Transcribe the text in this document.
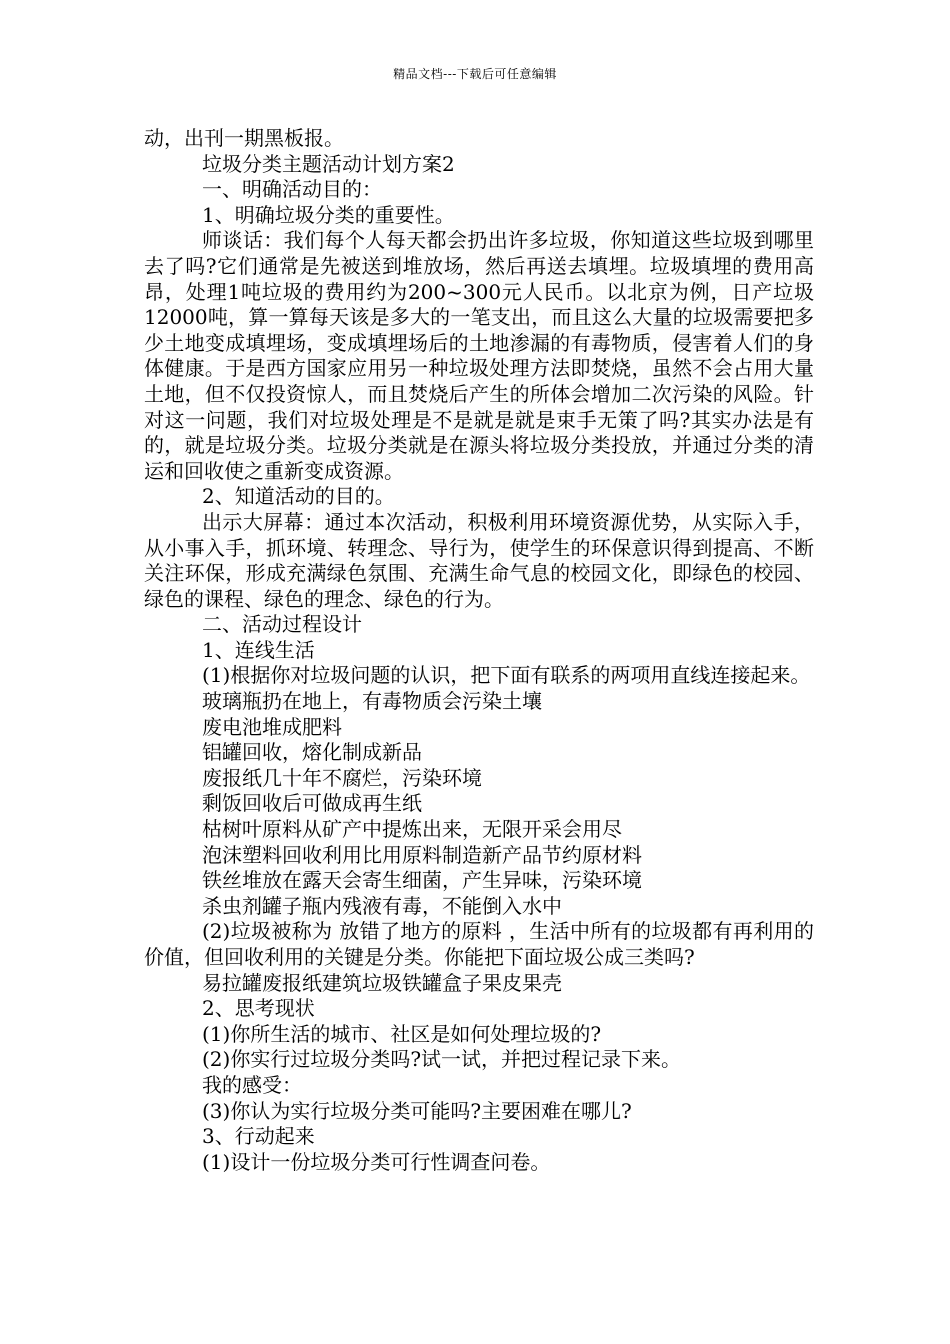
精品文档---下载后可任意编辑

动，出刊一期黑板报。

垃圾分类主题活动计划方案2

一、明确活动目的：

1、明确垃圾分类的重要性。

师谈话：我们每个人每天都会扔出许多垃圾，你知道这些垃圾到哪里去了吗?它们通常是先被送到堆放场，然后再送去填埋。垃圾填埋的费用高昂，处理1吨垃圾的费用约为200~300元人民币。以北京为例，日产垃圾12000吨，算一算每天该是多大的一笔支出，而且这么大量的垃圾需要把多少土地变成填埋场，变成填埋场后的土地渗漏的有毒物质，侵害着人们的身体健康。于是西方国家应用另一种垃圾处理方法即焚烧，虽然不会占用大量土地，但不仅投资惊人，而且焚烧后产生的所体会增加二次污染的风险。针对这一问题，我们对垃圾处理是不是就是就是束手无策了吗?其实办法是有的，就是垃圾分类。垃圾分类就是在源头将垃圾分类投放，并通过分类的清运和回收使之重新变成资源。

2、知道活动的目的。

出示大屏幕：通过本次活动，积极利用环境资源优势，从实际入手，从小事入手，抓环境、转理念、导行为，使学生的环保意识得到提高、不断关注环保，形成充满绿色氛围、充满生命气息的校园文化，即绿色的校园、绿色的课程、绿色的理念、绿色的行为。

二、活动过程设计

1、连线生活

(1)根据你对垃圾问题的认识，把下面有联系的两项用直线连接起来。

玻璃瓶扔在地上，有毒物质会污染土壤

废电池堆成肥料

铝罐回收，熔化制成新品

废报纸几十年不腐烂，污染环境

剩饭回收后可做成再生纸

枯树叶原料从矿产中提炼出来，无限开采会用尽

泡沫塑料回收利用比用原料制造新产品节约原材料

铁丝堆放在露天会寄生细菌，产生异味，污染环境

杀虫剂罐子瓶内残液有毒，不能倒入水中

(2)垃圾被称为 放错了地方的原料 ，生活中所有的垃圾都有再利用的价值，但回收利用的关键是分类。你能把下面垃圾公成三类吗?

易拉罐废报纸建筑垃圾铁罐盒子果皮果壳

2、思考现状

(1)你所生活的城市、社区是如何处理垃圾的?

(2)你实行过垃圾分类吗?试一试，并把过程记录下来。

我的感受：

(3)你认为实行垃圾分类可能吗?主要困难在哪儿?

3、行动起来

(1)设计一份垃圾分类可行性调查问卷。
